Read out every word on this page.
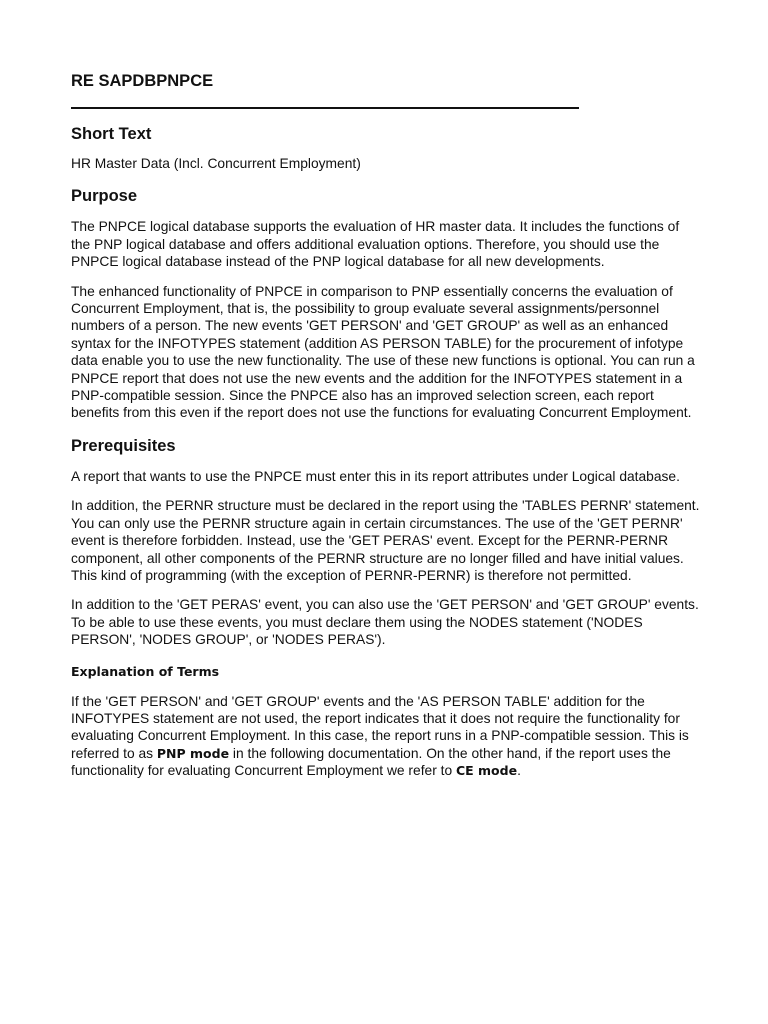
RE SAPDBPNPCE
Short Text

HR Master Data (Incl. Concurrent Employment)

Purpose

The PNPCE logical database supports the evaluation of HR master data. It includes the functions of the PNP logical database and offers additional evaluation options. Therefore, you should use the PNPCE logical database instead of the PNP logical database for all new developments.

The enhanced functionality of PNPCE in comparison to PNP essentially concerns the evaluation of Concurrent Employment, that is, the possibility to group evaluate several assignments/personnel numbers of a person. The new events 'GET PERSON' and 'GET GROUP' as well as an enhanced syntax for the INFOTYPES statement (addition AS PERSON TABLE) for the procurement of infotype data enable you to use the new functionality. The use of these new functions is optional. You can run a PNPCE report that does not use the new events and the addition for the INFOTYPES statement in a PNP-compatible session. Since the PNPCE also has an improved selection screen, each report benefits from this even if the report does not use the functions for evaluating Concurrent Employment.

Prerequisites

A report that wants to use the PNPCE must enter this in its report attributes under Logical database.

In addition, the PERNR structure must be declared in the report using the 'TABLES PERNR' statement. You can only use the PERNR structure again in certain circumstances. The use of the 'GET PERNR' event is therefore forbidden. Instead, use the 'GET PERAS' event. Except for the PERNR-PERNR component, all other components of the PERNR structure are no longer filled and have initial values. This kind of programming (with the exception of PERNR-PERNR) is therefore not permitted.

In addition to the 'GET PERAS' event, you can also use the 'GET PERSON' and 'GET GROUP' events. To be able to use these events, you must declare them using the NODES statement ('NODES PERSON', 'NODES GROUP', or 'NODES PERAS').

Explanation of Terms

If the 'GET PERSON' and 'GET GROUP' events and the 'AS PERSON TABLE' addition for the INFOTYPES statement are not used, the report indicates that it does not require the functionality for evaluating Concurrent Employment. In this case, the report runs in a PNP-compatible session. This is referred to as PNP mode in the following documentation. On the other hand, if the report uses the functionality for evaluating Concurrent Employment we refer to CE mode.
